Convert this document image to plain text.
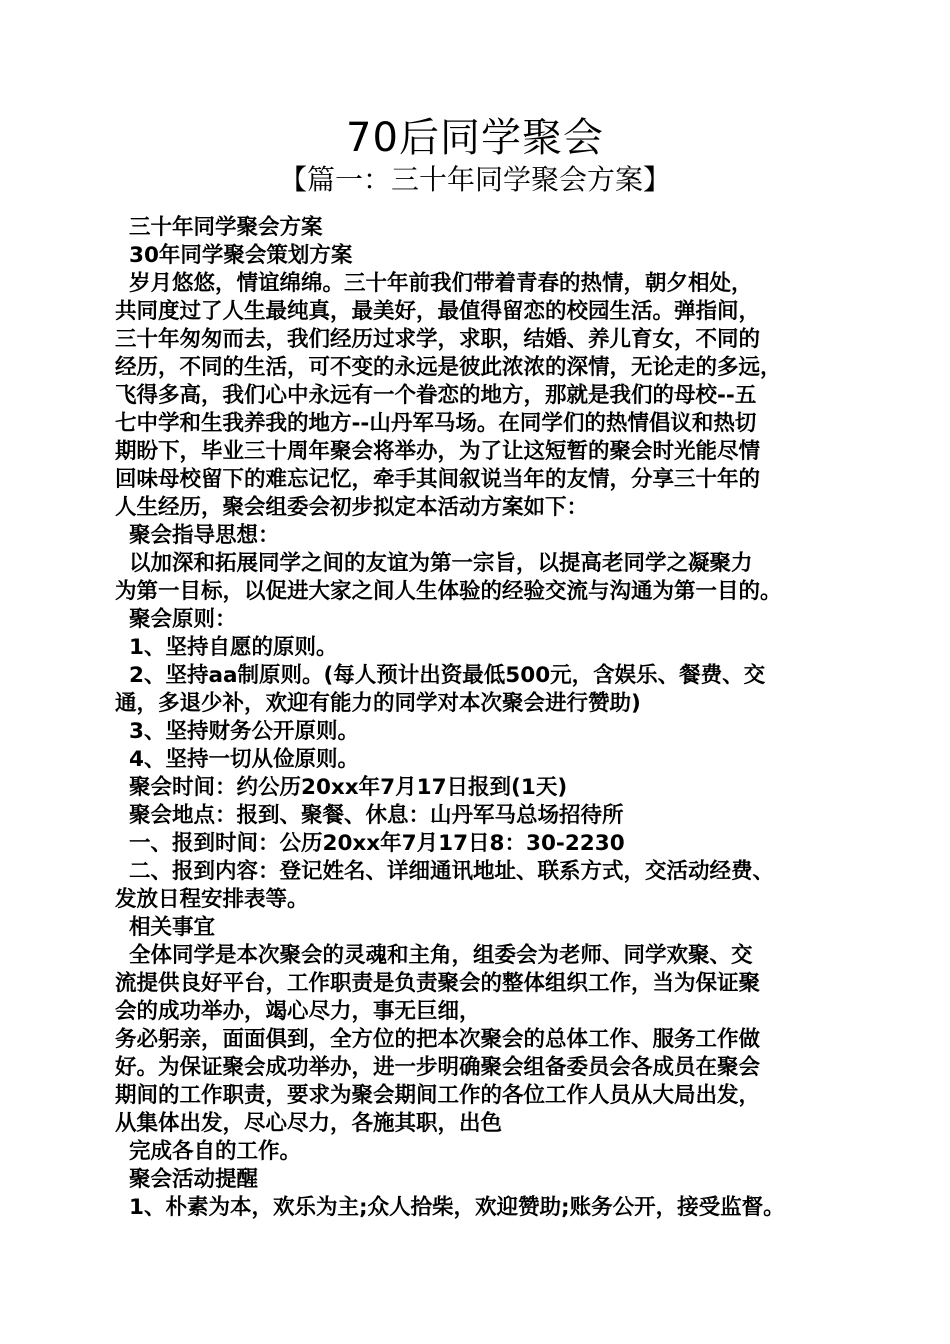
70后同学聚会
【篇一：三十年同学聚会方案】
三十年同学聚会方案
30年同学聚会策划方案
岁月悠悠，情谊绵绵。三十年前我们带着青春的热情，朝夕相处，
共同度过了人生最纯真，最美好，最值得留恋的校园生活。弹指间，
三十年匆匆而去，我们经历过求学，求职，结婚、养儿育女，不同的
经历，不同的生活，可不变的永远是彼此浓浓的深情，无论走的多远，
飞得多高，我们心中永远有一个眷恋的地方，那就是我们的母校--五
七中学和生我养我的地方--山丹军马场。在同学们的热情倡议和热切
期盼下，毕业三十周年聚会将举办，为了让这短暂的聚会时光能尽情
回味母校留下的难忘记忆，牵手其间叙说当年的友情，分享三十年的
人生经历，聚会组委会初步拟定本活动方案如下：
聚会指导思想：
以加深和拓展同学之间的友谊为第一宗旨，以提高老同学之凝聚力
为第一目标，以促进大家之间人生体验的经验交流与沟通为第一目的。
聚会原则：
1、坚持自愿的原则。
2、坚持aa制原则。(每人预计出资最低500元，含娱乐、餐费、交
通，多退少补，欢迎有能力的同学对本次聚会进行赞助)
3、坚持财务公开原则。
4、坚持一切从俭原则。
聚会时间：约公历20xx年7月17日报到(1天)
聚会地点：报到、聚餐、休息：山丹军马总场招待所
一、报到时间：公历20xx年7月17日8：30-2230
二、报到内容：登记姓名、详细通讯地址、联系方式，交活动经费、
发放日程安排表等。
相关事宜
全体同学是本次聚会的灵魂和主角，组委会为老师、同学欢聚、交
流提供良好平台，工作职责是负责聚会的整体组织工作，当为保证聚
会的成功举办，竭心尽力，事无巨细，
务必躬亲，面面俱到，全方位的把本次聚会的总体工作、服务工作做
好。为保证聚会成功举办，进一步明确聚会组备委员会各成员在聚会
期间的工作职责，要求为聚会期间工作的各位工作人员从大局出发，
从集体出发，尽心尽力，各施其职，出色
完成各自的工作。
聚会活动提醒
1、朴素为本，欢乐为主;众人拾柴，欢迎赞助;账务公开，接受监督。
